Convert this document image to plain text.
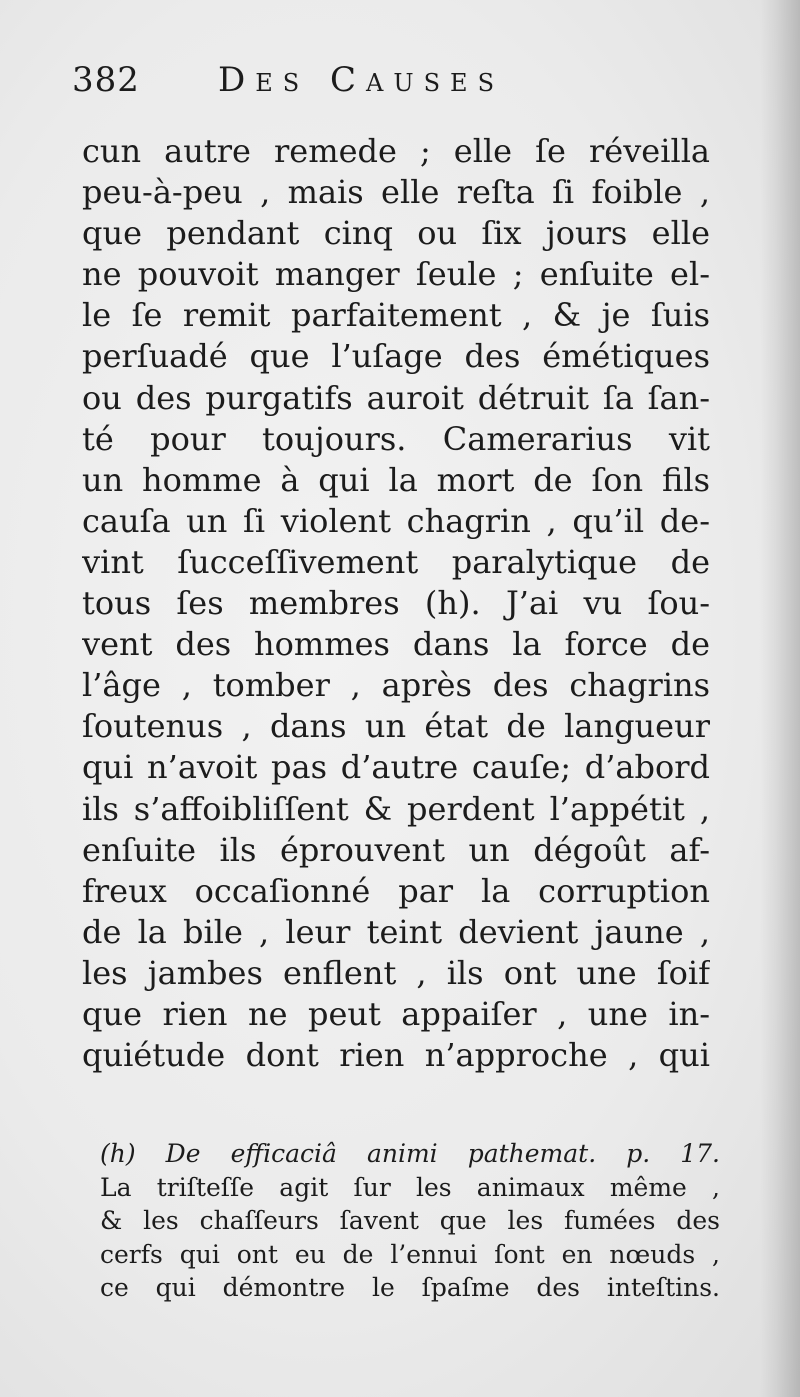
382 Des Causes
cun autre remede ; elle ſe réveilla
peu-à-peu , mais elle reſta ſi foible ,
que pendant cinq ou ſix jours elle
ne pouvoit manger ſeule ; enſuite el-
le ſe remit parfaitement , & je ſuis
perſuadé que l’uſage des émétiques
ou des purgatifs auroit détruit ſa ſan-
té pour toujours. Camerarius vit
un homme à qui la mort de ſon fils
cauſa un ſi violent chagrin , qu’il de-
vint ſucceſſivement paralytique de
tous ſes membres (h). J’ai vu ſou-
vent des hommes dans la force de
l’âge , tomber , après des chagrins
ſoutenus , dans un état de langueur
qui n’avoit pas d’autre cauſe; d’abord
ils s’affoibliſſent & perdent l’appétit ,
enſuite ils éprouvent un dégoût af-
freux occaſionné par la corruption
de la bile , leur teint devient jaune ,
les jambes enflent , ils ont une ſoif
que rien ne peut appaiſer , une in-
quiétude dont rien n’approche , qui
(h) De efficaciâ animi pathemat. p. 17.
La triſteſſe agit ſur les animaux même ,
& les chaſſeurs ſavent que les fumées des
cerfs qui ont eu de l’ennui ſont en nœuds ,
ce qui démontre le ſpaſme des inteſtins.
